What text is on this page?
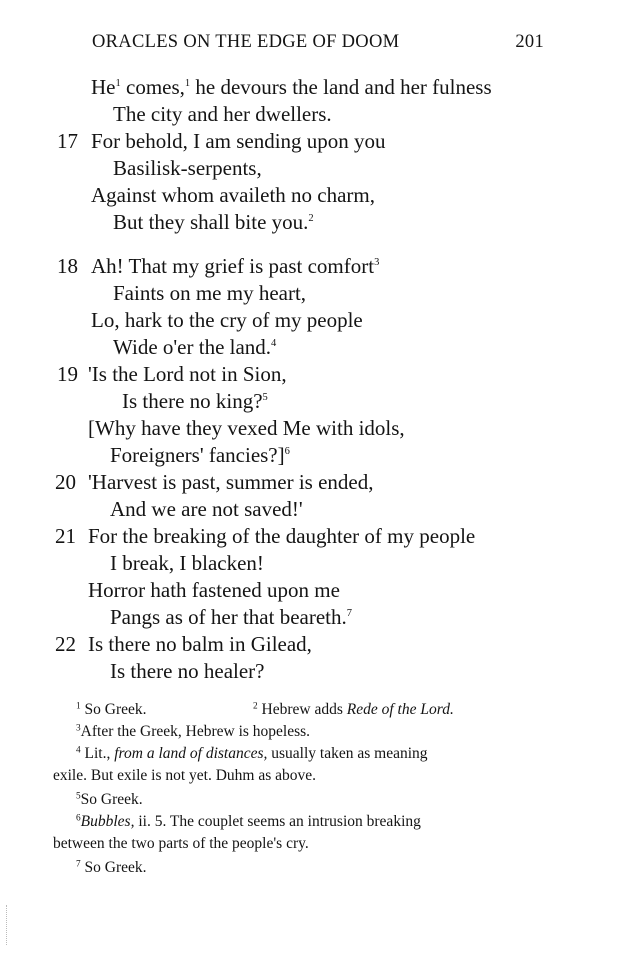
ORACLES ON THE EDGE OF DOOM	201
He$^1$ comes,$^1$ he devours the land and her fulness
The city and her dwellers.
17 For behold, I am sending upon you
Basilisk-serpents,
Against whom availeth no charm,
But they shall bite you.$^2$
18 Ah! That my grief is past comfort$^3$
Faints on me my heart,
Lo, hark to the cry of my people
Wide o'er the land.$^4$
19 'Is the Lord not in Sion,
Is there no king?$^5$
[Why have they vexed Me with idols,
Foreigners' fancies?]$^6$
20 'Harvest is past, summer is ended,
And we are not saved!'
21 For the breaking of the daughter of my people
I break, I blacken!
Horror hath fastened upon me
Pangs as of her that beareth.$^7$
22 Is there no balm in Gilead,
Is there no healer?
$^1$ So Greek.	$^2$ Hebrew adds Rede of the Lord.
$^3$After the Greek, Hebrew is hopeless.
$^4$ Lit., from a land of distances, usually taken as meaning
exile. But exile is not yet. Duhm as above.
$^5$So Greek.
$^6$Bubbles, ii. 5. The couplet seems an intrusion breaking
between the two parts of the people's cry.
$^7$ So Greek.
